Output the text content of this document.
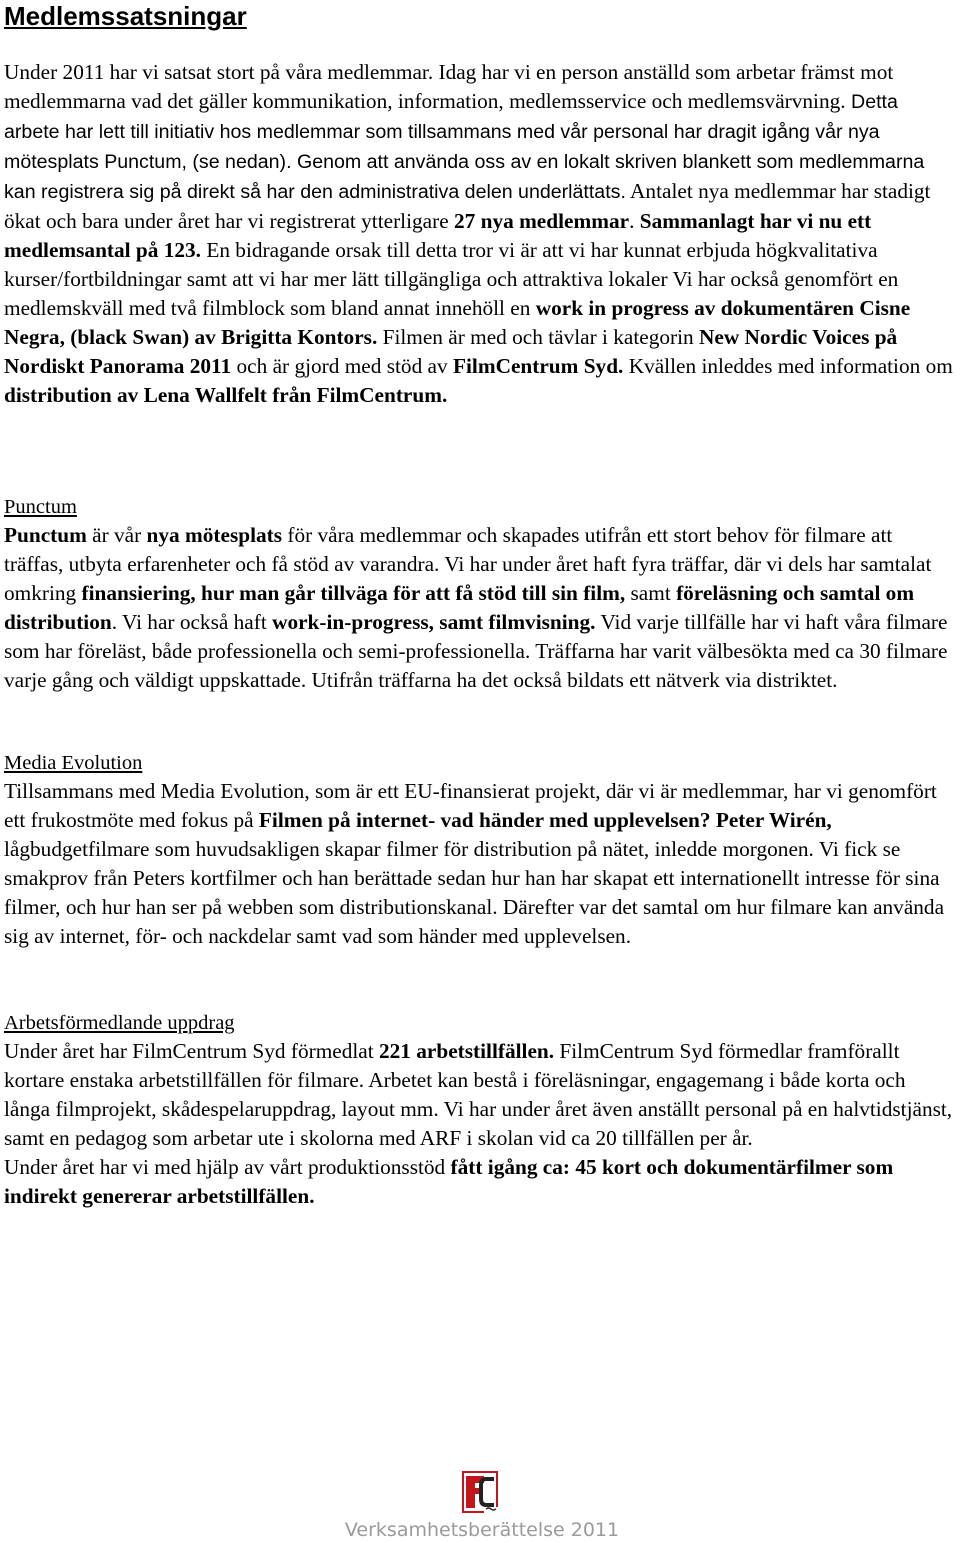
Medlemssatsningar

Under 2011 har vi satsat stort på våra medlemmar. Idag har vi en person anställd som arbetar främst mot medlemmarna vad det gäller kommunikation, information, medlemsservice och medlemsvärvning. Detta arbete har lett till initiativ hos medlemmar som tillsammans med vår personal har dragit igång vår nya mötesplats Punctum, (se nedan). Genom att använda oss av en lokalt skriven blankett som medlemmarna kan registrera sig på direkt så har den administrativa delen underlättats. Antalet nya medlemmar har stadigt ökat och bara under året har vi registrerat ytterligare 27 nya medlemmar. Sammanlagt har vi nu ett medlemsantal på 123. En bidragande orsak till detta tror vi är att vi har kunnat erbjuda högkvalitativa kurser/fortbildningar samt att vi har mer lätt tillgängliga och attraktiva lokaler Vi har också genomfört en medlemskväll med två filmblock som bland annat innehöll en work in progress av dokumentären Cisne Negra, (black Swan) av Brigitta Kontors. Filmen är med och tävlar i kategorin New Nordic Voices på Nordiskt Panorama 2011 och är gjord med stöd av FilmCentrum Syd. Kvällen inleddes med information om distribution av Lena Wallfelt från FilmCentrum.

Punctum

Punctum är vår nya mötesplats för våra medlemmar och skapades utifrån ett stort behov för filmare att träffas, utbyta erfarenheter och få stöd av varandra. Vi har under året haft fyra träffar, där vi dels har samtalat omkring finansiering, hur man går tillväga för att få stöd till sin film, samt föreläsning och samtal om distribution. Vi har också haft work-in-progress, samt filmvisning. Vid varje tillfälle har vi haft våra filmare som har föreläst, både professionella och semi-professionella. Träffarna har varit välbesökta med ca 30 filmare varje gång och väldigt uppskattade. Utifrån träffarna ha det också bildats ett nätverk via distriktet.

Media Evolution

Tillsammans med Media Evolution, som är ett EU-finansierat projekt, där vi är medlemmar, har vi genomfört ett frukostmöte med fokus på Filmen på internet- vad händer med upplevelsen? Peter Wirén, lågbudgetfilmare som huvudsakligen skapar filmer för distribution på nätet, inledde morgonen. Vi fick se smakprov från Peters kortfilmer och han berättade sedan hur han har skapat ett internationellt intresse för sina filmer, och hur han ser på webben som distributionskanal. Därefter var det samtal om hur filmare kan använda sig av internet, för- och nackdelar samt vad som händer med upplevelsen.

Arbetsförmedlande uppdrag

Under året har FilmCentrum Syd förmedlat 221 arbetstillfällen. FilmCentrum Syd förmedlar framförallt kortare enstaka arbetstillfällen för filmare. Arbetet kan bestå i föreläsningar, engagemang i både korta och långa filmprojekt, skådespelaruppdrag, layout mm. Vi har under året även anställt personal på en halvtidstjänst, samt en pedagog som arbetar ute i skolorna med ARF i skolan vid ca 20 tillfällen per år.
Under året har vi med hjälp av vårt produktionsstöd fått igång ca: 45 kort och dokumentärfilmer som indirekt genererar arbetstillfällen.

Verksamhetsberättelse 2011
